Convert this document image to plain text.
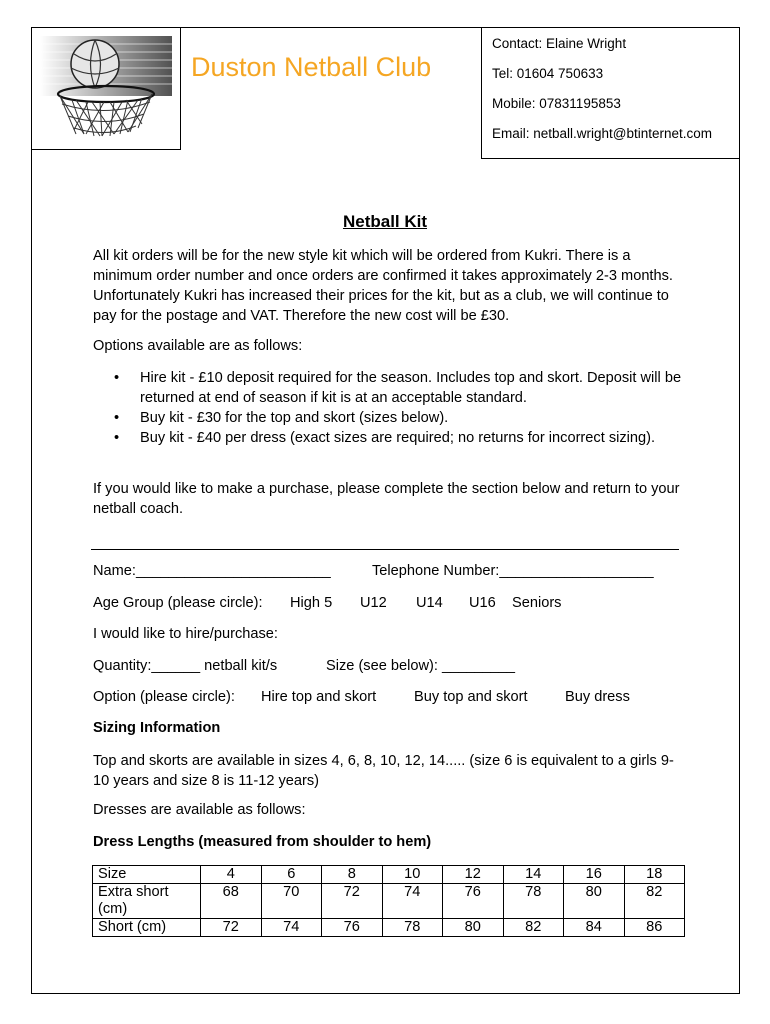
Duston Netball Club
Contact: Elaine Wright
Tel: 01604 750633
Mobile: 07831195853
Email: netball.wright@btinternet.com
Netball Kit
All kit orders will be for the new style kit which will be ordered from Kukri. There is a minimum order number and once orders are confirmed it takes approximately 2-3 months. Unfortunately Kukri has increased their prices for the kit, but as a club, we will continue to pay for the postage and VAT. Therefore the new cost will be £30.
Options available are as follows:
• Hire kit - £10 deposit required for the season. Includes top and skort. Deposit will be returned at end of season if kit is at an acceptable standard.
• Buy kit - £30 for the top and skort (sizes below).
• Buy kit - £40 per dress (exact sizes are required; no returns for incorrect sizing).
If you would like to make a purchase, please complete the section below and return to your netball coach.
Name:________________________	Telephone Number:___________________
Age Group (please circle): High 5 U12 U14 U16 Seniors
I would like to hire/purchase:
Quantity:______ netball kit/s	Size (see below): _________
Option (please circle): Hire top and skort	Buy top and skort	Buy dress
Sizing Information
Top and skorts are available in sizes 4, 6, 8, 10, 12, 14..... (size 6 is equivalent to a girls 9-10 years and size 8 is 11-12 years)
Dresses are available as follows:
Dress Lengths (measured from shoulder to hem)
Size	4	6	8	10	12	14	16	18
Extra short (cm)	68	70	72	74	76	78	80	82
Short (cm)	72	74	76	78	80	82	84	86
